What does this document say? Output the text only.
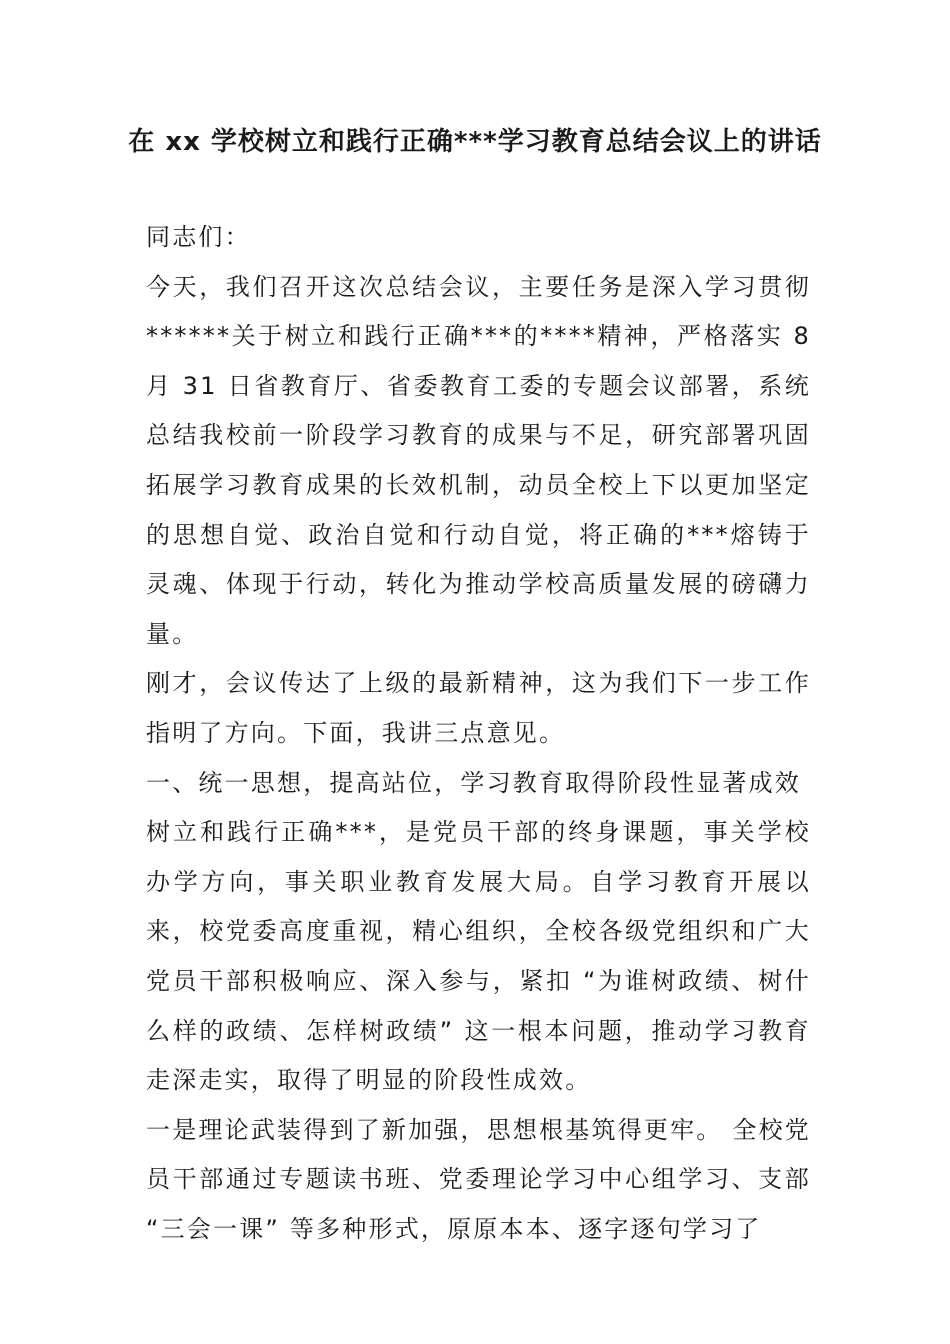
在 xx 学校树立和践行正确***学习教育总结会议上的讲话

同志们：

今天，我们召开这次总结会议，主要任务是深入学习贯彻******关于树立和践行正确***的****精神，严格落实 8 月 31 日省教育厅、省委教育工委的专题会议部署，系统总结我校前一阶段学习教育的成果与不足，研究部署巩固拓展学习教育成果的长效机制，动员全校上下以更加坚定的思想自觉、政治自觉和行动自觉，将正确的***熔铸于灵魂、体现于行动，转化为推动学校高质量发展的磅礴力量。

刚才，会议传达了上级的最新精神，这为我们下一步工作指明了方向。下面，我讲三点意见。

一、统一思想，提高站位，学习教育取得阶段性显著成效

树立和践行正确***，是党员干部的终身课题，事关学校办学方向，事关职业教育发展大局。自学习教育开展以来，校党委高度重视，精心组织，全校各级党组织和广大党员干部积极响应、深入参与，紧扣 “为谁树政绩、树什么样的政绩、怎样树政绩” 这一根本问题，推动学习教育走深走实，取得了明显的阶段性成效。

一是理论武装得到了新加强，思想根基筑得更牢。 全校党员干部通过专题读书班、党委理论学习中心组学习、支部 “三会一课” 等多种形式，原原本本、逐字逐句学习了
